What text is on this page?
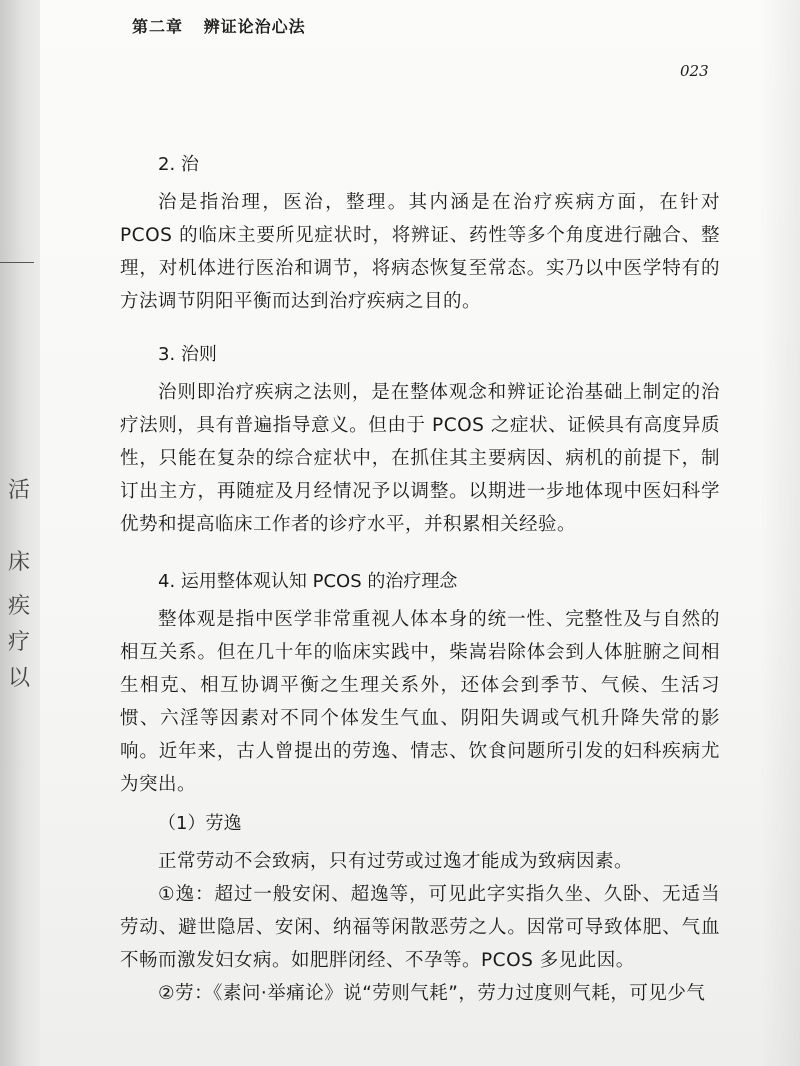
活
床
疾
疗
以
第二章 辨证论治心法
023
2. 治

治是指治理，医治，整理。其内涵是在治疗疾病方面，在针对 PCOS 的临床主要所见症状时，将辨证、药性等多个角度进行融合、整理，对机体进行医治和调节，将病态恢复至常态。实乃以中医学特有的方法调节阴阳平衡而达到治疗疾病之目的。

3. 治则

治则即治疗疾病之法则，是在整体观念和辨证论治基础上制定的治疗法则，具有普遍指导意义。但由于 PCOS 之症状、证候具有高度异质性，只能在复杂的综合症状中，在抓住其主要病因、病机的前提下，制订出主方，再随症及月经情况予以调整。以期进一步地体现中医妇科学优势和提高临床工作者的诊疗水平，并积累相关经验。

4. 运用整体观认知 PCOS 的治疗理念

整体观是指中医学非常重视人体本身的统一性、完整性及与自然的相互关系。但在几十年的临床实践中，柴嵩岩除体会到人体脏腑之间相生相克、相互协调平衡之生理关系外，还体会到季节、气候、生活习惯、六淫等因素对不同个体发生气血、阴阳失调或气机升降失常的影响。近年来，古人曾提出的劳逸、情志、饮食问题所引发的妇科疾病尤为突出。

（1）劳逸

正常劳动不会致病，只有过劳或过逸才能成为致病因素。

①逸：超过一般安闲、超逸等，可见此字实指久坐、久卧、无适当劳动、避世隐居、安闲、纳福等闲散恶劳之人。因常可导致体肥、气血不畅而激发妇女病。如肥胖闭经、不孕等。PCOS 多见此因。

②劳：《素问·举痛论》说“劳则气耗”，劳力过度则气耗，可见少气
